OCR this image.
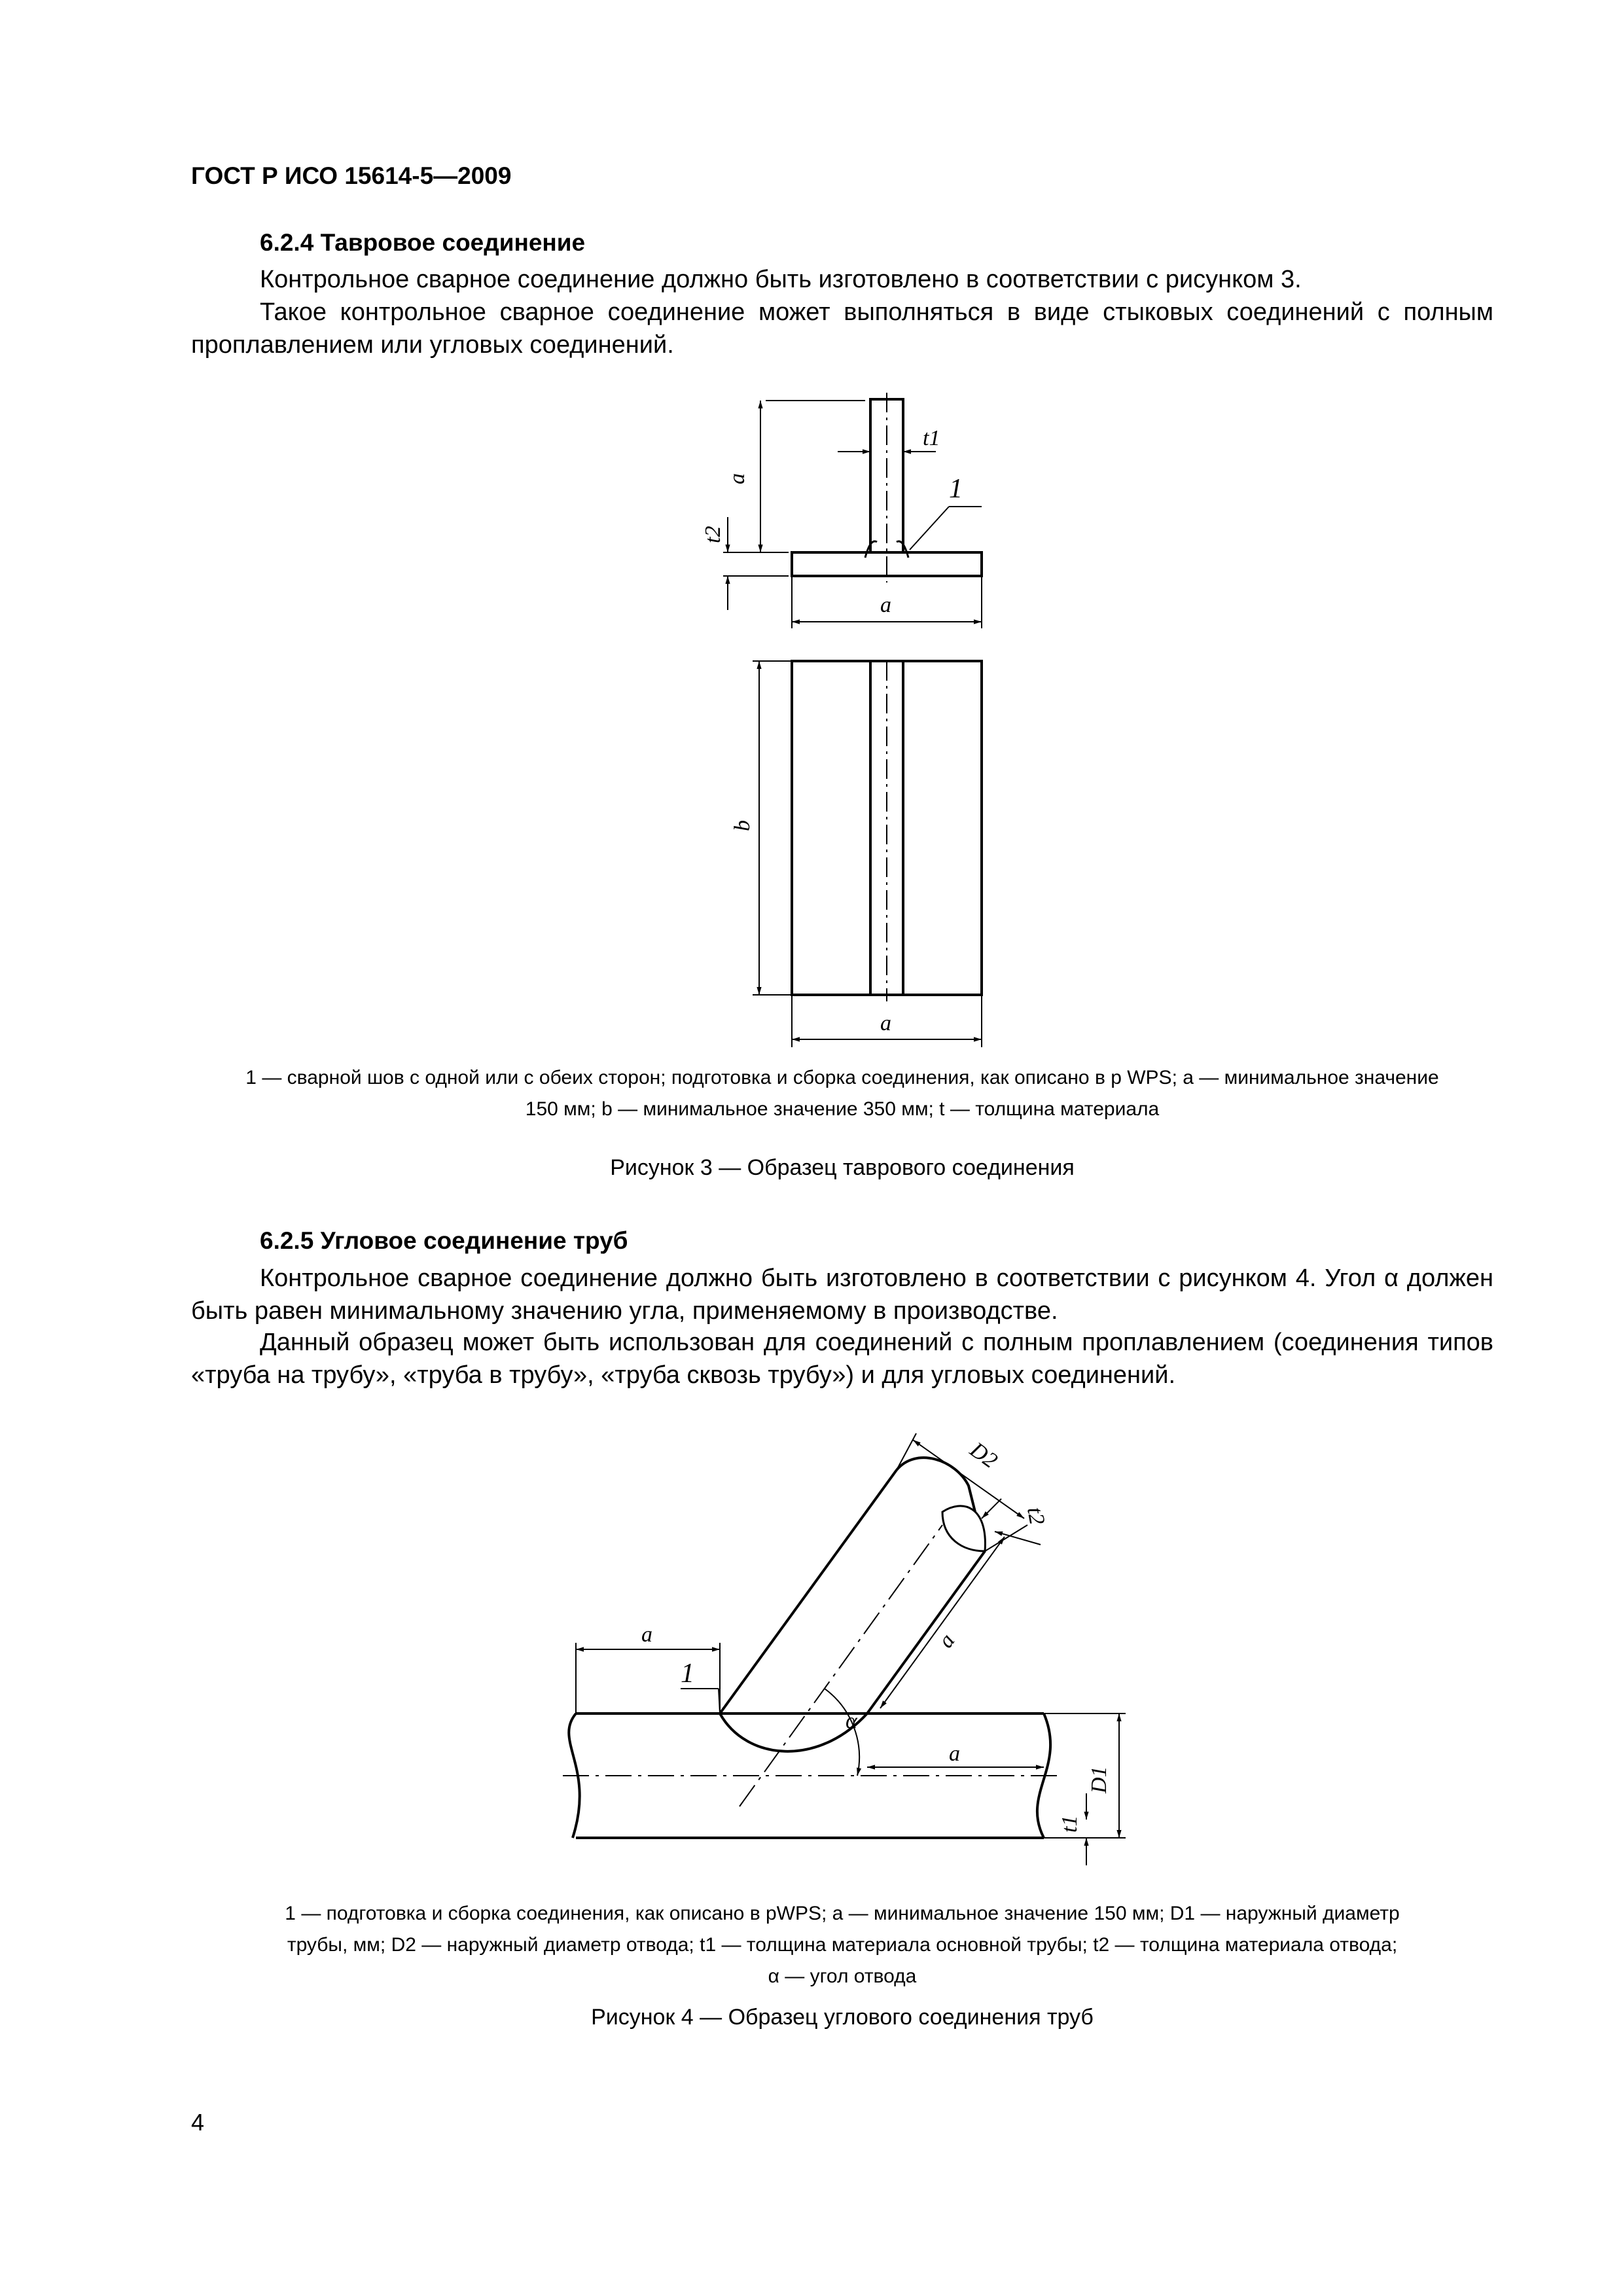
ГОСТ Р ИСО 15614-5—2009
6.2.4 Тавровое соединение
Контрольное сварное соединение должно быть изготовлено в соответствии с рисунком 3.
Такое контрольное сварное соединение может выполняться в виде стыковых соединений с полным проплавлением или угловых соединений.
a
t2
t1
1
a
b
a
a
1
α
a
a
D1
t1
D2
t2
1 — сварной шов с одной или с обеих сторон; подготовка и сборка соединения, как описано в p WPS; a — минимальное значение
150 мм; b — минимальное значение 350 мм; t — толщина материала
Рисунок 3 — Образец таврового соединения
6.2.5 Угловое соединение труб
Контрольное сварное соединение должно быть изготовлено в соответствии с рисунком 4. Угол α должен быть равен минимальному значению угла, применяемому в производстве.
Данный образец может быть использован для соединений с полным проплавлением (соединения типов «труба на трубу», «труба в трубу», «труба сквозь трубу») и для угловых соединений.
1 — подготовка и сборка соединения, как описано в pWPS; a — минимальное значение 150 мм; D1 — наружный диаметр
трубы, мм; D2 — наружный диаметр отвода; t1 — толщина материала основной трубы; t2 — толщина материала отвода;
α — угол отвода
Рисунок 4 — Образец углового соединения труб
4
